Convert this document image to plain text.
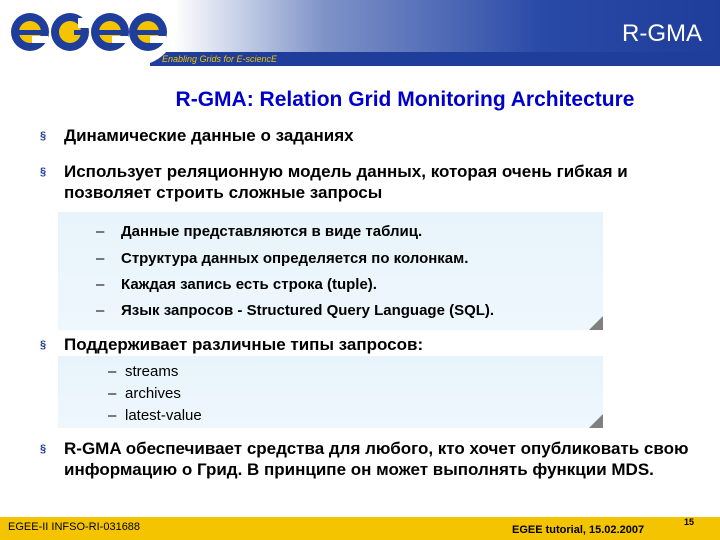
Enabling Grids for E-sciencE
R-GMA
R-GMA: Relation Grid Monitoring Architecture
§ Динамические данные о заданиях
§ Использует реляционную модель данных, которая очень гибкая и позволяет строить сложные запросы
– Данные представляются в виде таблиц.
– Структура данных определяется по колонкам.
– Каждая запись есть строка (tuple).
– Язык запросов - Structured Query Language (SQL).
§ Поддерживает различные типы запросов:
– streams
– archives
– latest-value
§ R-GMA обеспечивает средства для любого, кто хочет опубликовать свою информацию о Грид. В принципе он может выполнять функции MDS.
EGEE-II INFSO-RI-031688	EGEE tutorial, 15.02.2007
15
